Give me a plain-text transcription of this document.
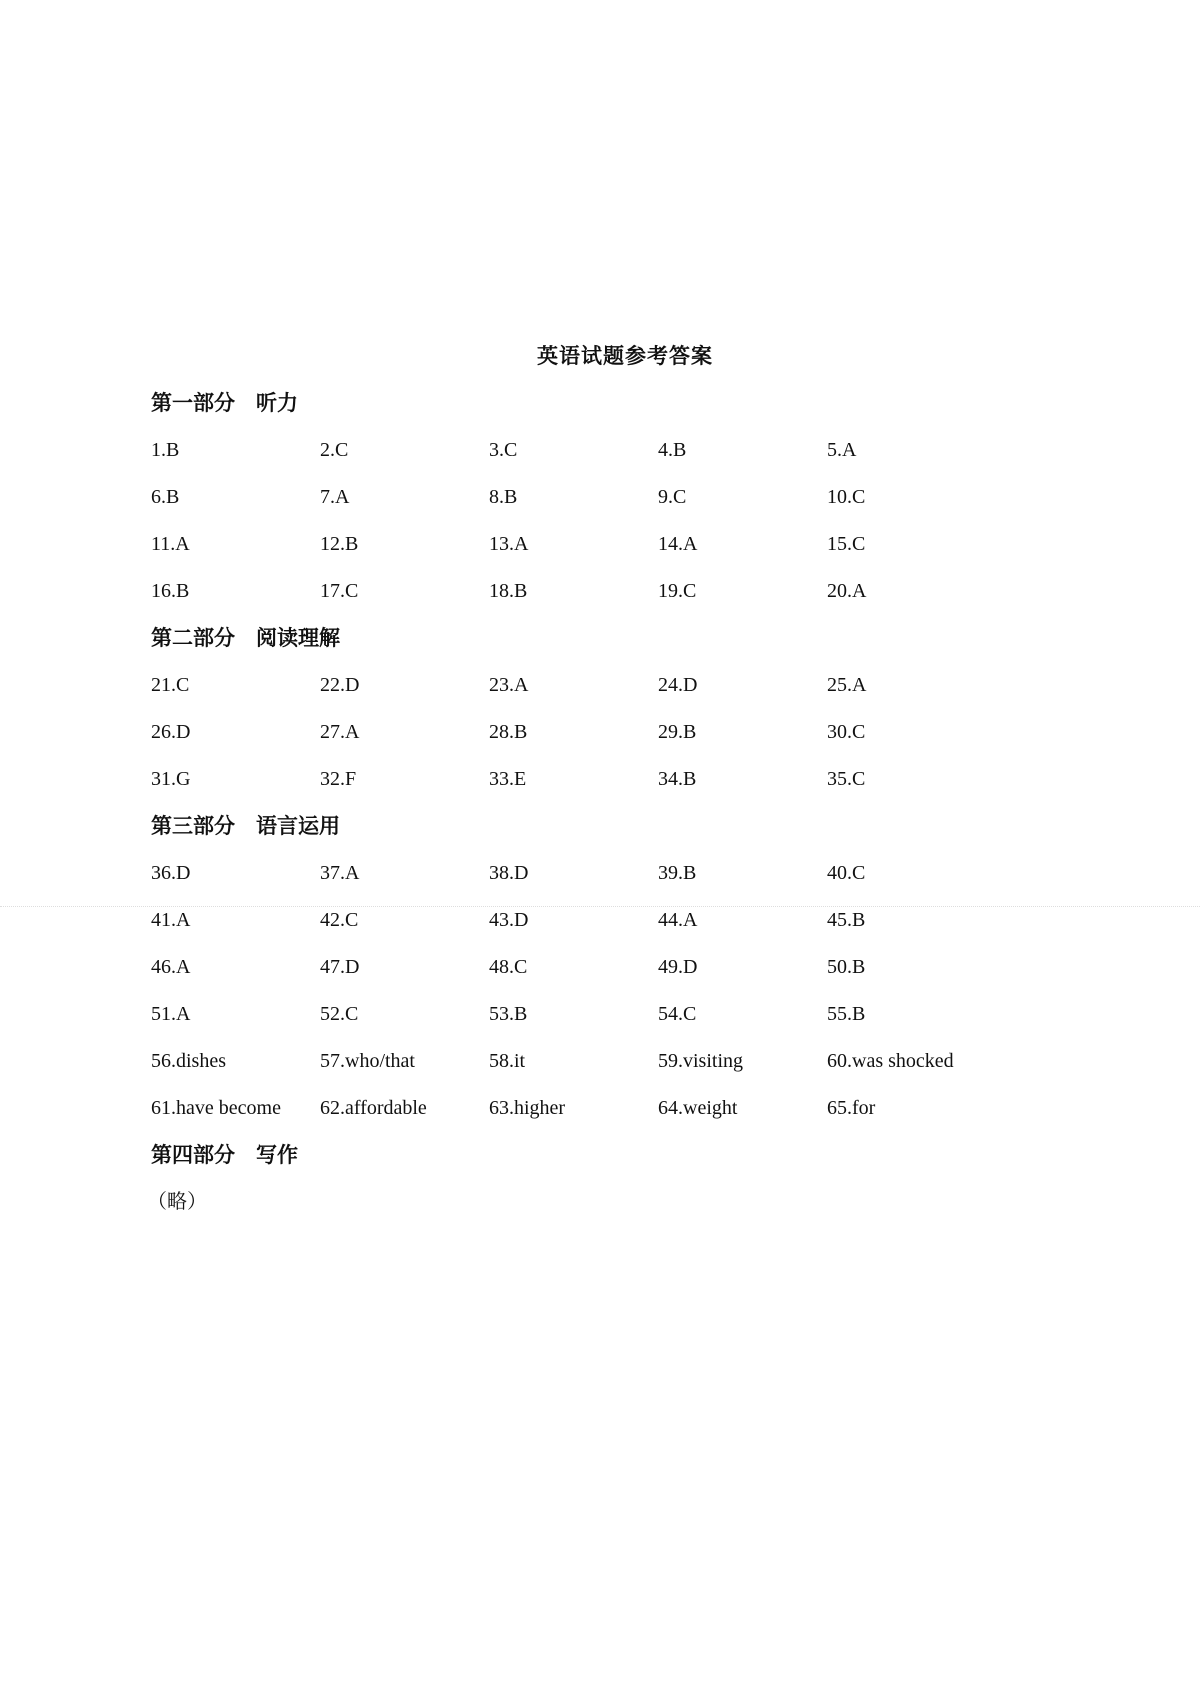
英语试题参考答案
第一部分　听力
1.B	2.C	3.C	4.B	5.A
6.B	7.A	8.B	9.C	10.C
11.A	12.B	13.A	14.A	15.C
16.B	17.C	18.B	19.C	20.A
第二部分　阅读理解
21.C	22.D	23.A	24.D	25.A
26.D	27.A	28.B	29.B	30.C
31.G	32.F	33.E	34.B	35.C
第三部分　语言运用
36.D	37.A	38.D	39.B	40.C
41.A	42.C	43.D	44.A	45.B
46.A	47.D	48.C	49.D	50.B
51.A	52.C	53.B	54.C	55.B
56.dishes	57.who/that	58.it	59.visiting	60.was shocked
61.have become	62.affordable	63.higher	64.weight	65.for
第四部分　写作
（略）
